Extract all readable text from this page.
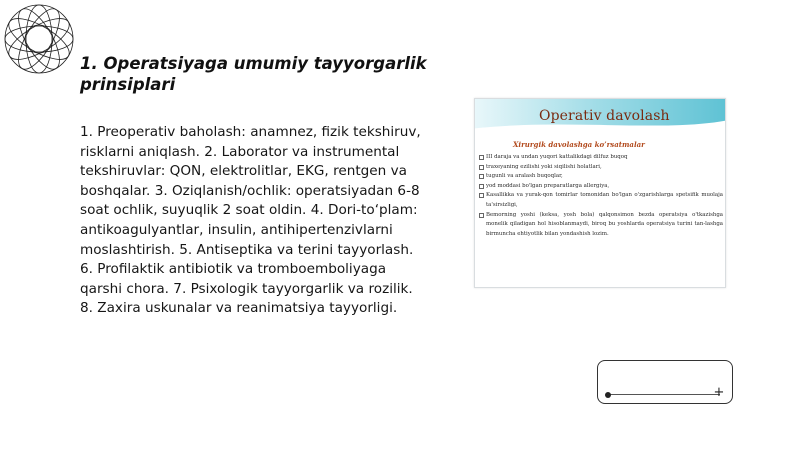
1. Operatsiyaga umumiy tayyorgarlik prinsiplari
1. Preoperativ baholash: anamnez, fizik tekshiruv, risklarni aniqlash. 2. Laborator va instrumental tekshiruvlar: QON, elektrolitlar, EKG, rentgen va boshqalar. 3. Oziqlanish/ochlik: operatsiyadan 6-8 soat ochlik, suyuqlik 2 soat oldin. 4. Dori-to‘plam: antikoagulyantlar, insulin, antihipertenzivlarni moslashtirish. 5. Antiseptika va terini tayyorlash. 6. Profilaktik antibiotik va tromboemboliyaga qarshi chora. 7. Psixologik tayyorgarlik va rozilik. 8. Zaxira uskunalar va reanimatsiya tayyorligi.
Operativ davolash
Xirurgik davolashga ko’rsatmalar
III daraja va undan yuqori kattalikdagi dilfuz buqoq
traxeyaning ezilishi yoki siqilishi holatlari,
tugunli va aralash buqoqlar,
yod moddasi bo'lgan preparatlarga allergiya,
Kasallikka va yurak-qon tomirlar tomonidan bo'lgan o'zgarishlarga spetsifik muolaja ta'sirsizligi,
Bemorning yoshi (keksa, yosh bola) qalqonsimon bezda operatsiya o'tkazishga monelik qiladigan hol hisoblanmaydi, biroq bu yoshlarda operatsiya turini tan-lashga birmuncha ehtiyotlik bilan yondashish lozim.
+
